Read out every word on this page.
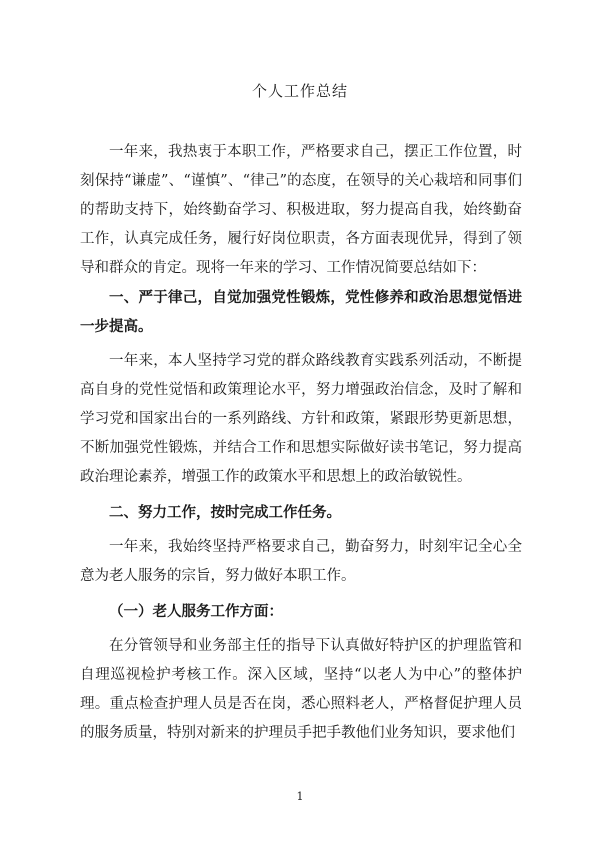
个人工作总结

一年来，我热衷于本职工作，严格要求自己，摆正工作位置，时刻保持“谦虚”、“谨慎”、“律己”的态度，在领导的关心栽培和同事们的帮助支持下，始终勤奋学习、积极进取，努力提高自我，始终勤奋工作，认真完成任务，履行好岗位职责，各方面表现优异，得到了领导和群众的肯定。现将一年来的学习、工作情况简要总结如下：

一、严于律己，自觉加强党性锻炼，党性修养和政治思想觉悟进一步提高。

一年来，本人坚持学习党的群众路线教育实践系列活动，不断提高自身的党性觉悟和政策理论水平，努力增强政治信念，及时了解和学习党和国家出台的一系列路线、方针和政策，紧跟形势更新思想，不断加强党性锻炼，并结合工作和思想实际做好读书笔记，努力提高政治理论素养，增强工作的政策水平和思想上的政治敏锐性。

二、努力工作，按时完成工作任务。

一年来，我始终坚持严格要求自己，勤奋努力，时刻牢记全心全意为老人服务的宗旨，努力做好本职工作。

（一）老人服务工作方面：

在分管领导和业务部主任的指导下认真做好特护区的护理监管和自理巡视检护考核工作。深入区域，坚持“以老人为中心”的整体护理。重点检查护理人员是否在岗，悉心照料老人，严格督促护理人员的服务质量，特别对新来的护理员手把手教他们业务知识，要求他们

1
